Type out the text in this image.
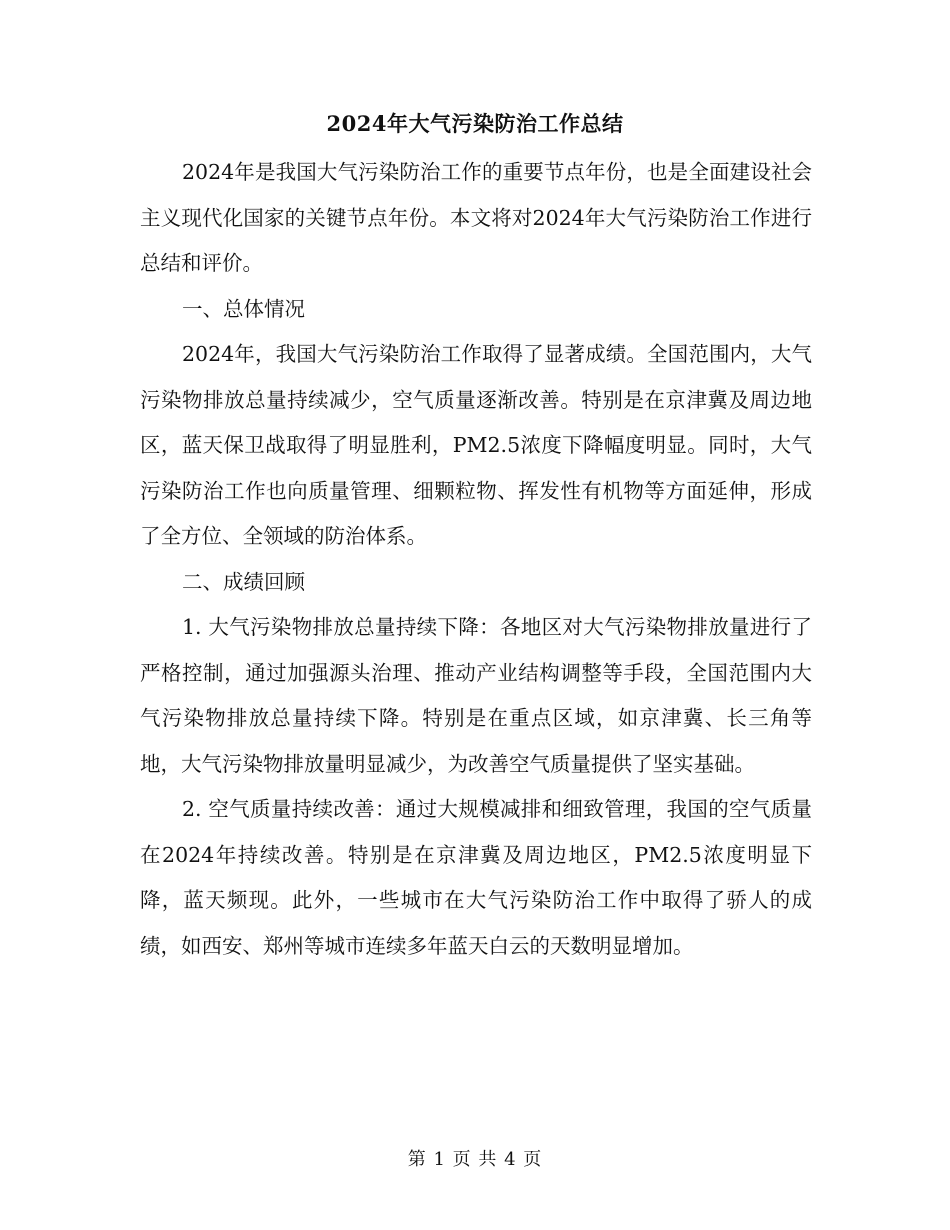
2024年大气污染防治工作总结

2024年是我国大气污染防治工作的重要节点年份，也是全面建设社会主义现代化国家的关键节点年份。本文将对2024年大气污染防治工作进行总结和评价。

一、总体情况

2024年，我国大气污染防治工作取得了显著成绩。全国范围内，大气污染物排放总量持续减少，空气质量逐渐改善。特别是在京津冀及周边地区，蓝天保卫战取得了明显胜利，PM2.5浓度下降幅度明显。同时，大气污染防治工作也向质量管理、细颗粒物、挥发性有机物等方面延伸，形成了全方位、全领域的防治体系。

二、成绩回顾

1. 大气污染物排放总量持续下降：各地区对大气污染物排放量进行了严格控制，通过加强源头治理、推动产业结构调整等手段，全国范围内大气污染物排放总量持续下降。特别是在重点区域，如京津冀、长三角等地，大气污染物排放量明显减少，为改善空气质量提供了坚实基础。

2. 空气质量持续改善：通过大规模减排和细致管理，我国的空气质量在2024年持续改善。特别是在京津冀及周边地区，PM2.5浓度明显下降，蓝天频现。此外，一些城市在大气污染防治工作中取得了骄人的成绩，如西安、郑州等城市连续多年蓝天白云的天数明显增加。

第 1 页 共 4 页
